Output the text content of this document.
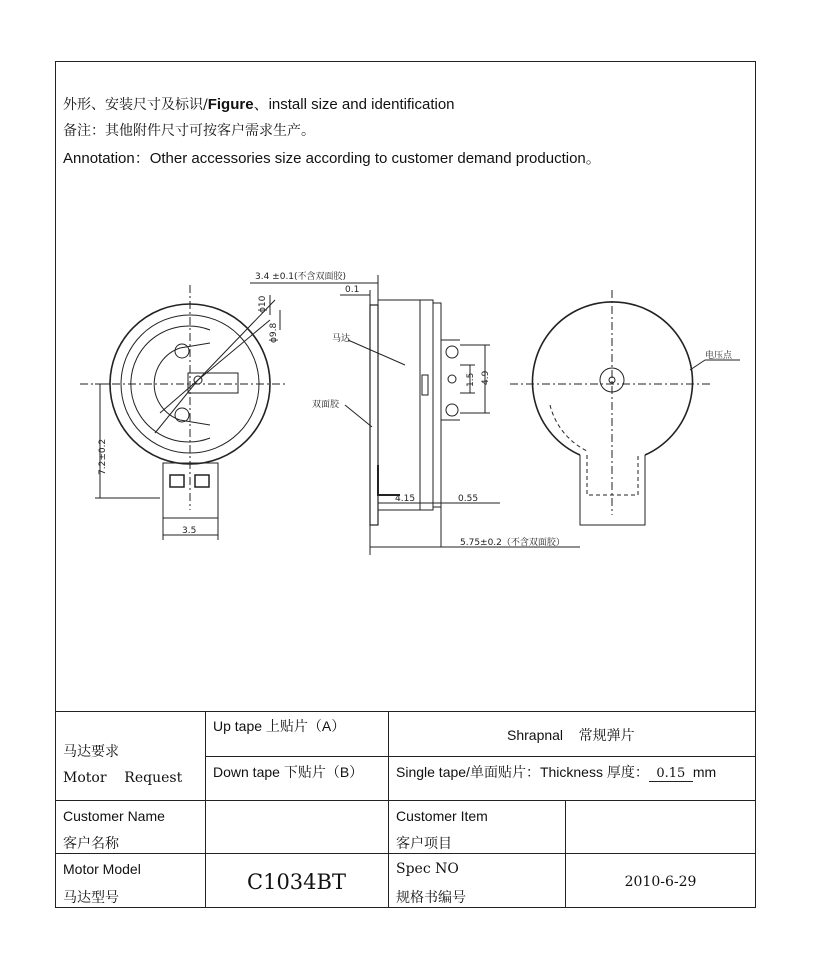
外形、安装尺寸及标识/Figure、install size and identification
备注：其他附件尺寸可按客户需求生产。
Annotation：Other accessories size according to customer demand production。
ϕ10
ϕ9.8
7.2±0.2
3.5
3.4 ±0.1(不含双面胶)
0.1
马达
双面胶
4.9
1.5
4.15	0.55
5.75±0.2（不含双面胶）
电压点
马达要求
Motor    Request
Up tape 上贴片（A）
Down tape 下贴片（B）
Shrapnal    常规弹片
Single tape/单面贴片：Thickness 厚度： 0.15 mm
Customer Name
客户名称
Customer Item
客户项目
Motor Model
马达型号
C1034BT
Spec NO
规格书编号
2010-6-29
